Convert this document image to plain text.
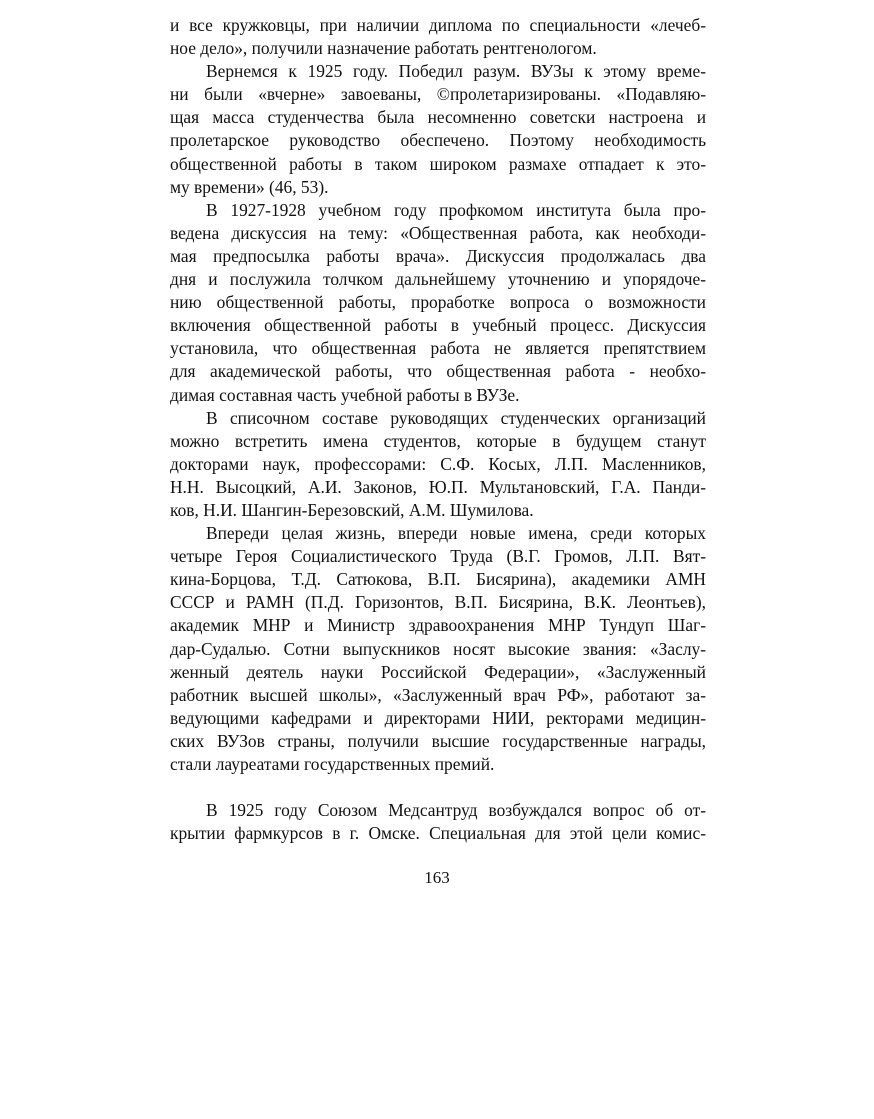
и все кружковцы, при наличии диплома по специальности «лечеб-
ное дело», получили назначение работать рентгенологом.
Вернемся к 1925 году. Победил разум. ВУЗы к этому време-
ни были «вчерне» завоеваны, ©пролетаризированы. «Подавляю-
щая масса студенчества была несомненно советски настроена и
пролетарское руководство обеспечено. Поэтому необходимость
общественной работы в таком широком размахе отпадает к это-
му времени» (46, 53).
В 1927-1928 учебном году профкомом института была про-
ведена дискуссия на тему: «Общественная работа, как необходи-
мая предпосылка работы врача». Дискуссия продолжалась два
дня и послужила толчком дальнейшему уточнению и упорядоче-
нию общественной работы, проработке вопроса о возможности
включения общественной работы в учебный процесс. Дискуссия
установила, что общественная работа не является препятствием
для академической работы, что общественная работа - необхо-
димая составная часть учебной работы в ВУЗе.
В списочном составе руководящих студенческих организаций
можно встретить имена студентов, которые в будущем станут
докторами наук, профессорами: С.Ф. Косых, Л.П. Масленников,
Н.Н. Высоцкий, А.И. Законов, Ю.П. Мультановский, Г.А. Панди-
ков, Н.И. Шангин-Березовский, А.М. Шумилова.
Впереди целая жизнь, впереди новые имена, среди которых
четыре Героя Социалистического Труда (В.Г. Громов, Л.П. Вят-
кина-Борцова, Т.Д. Сатюкова, В.П. Бисярина), академики АМН
СССР и РАМН (П.Д. Горизонтов, В.П. Бисярина, В.К. Леонтьев),
академик МНР и Министр здравоохранения МНР Тундуп Шаг-
дар-Судалью. Сотни выпускников носят высокие звания: «Заслу-
женный деятель науки Российской Федерации», «Заслуженный
работник высшей школы», «Заслуженный врач РФ», работают за-
ведующими кафедрами и директорами НИИ, ректорами медицин-
ских ВУЗов страны, получили высшие государственные награды,
стали лауреатами государственных премий.
В 1925 году Союзом Медсантруд возбуждался вопрос об от-
крытии фармкурсов в г. Омске. Специальная для этой цели комис-
163
